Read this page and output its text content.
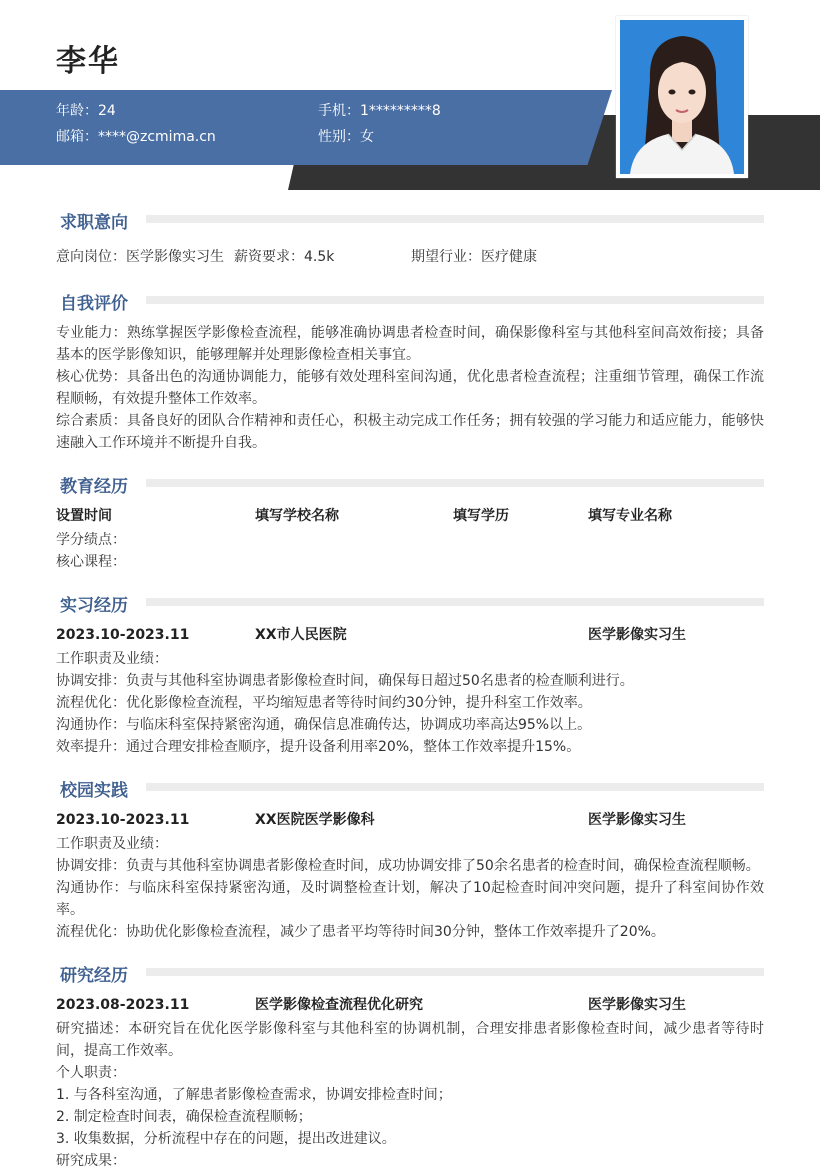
李华
年龄：24	手机：1*********8
邮箱：****@zcmima.cn	性别：女
求职意向
意向岗位：医学影像实习生 薪资要求：4.5k	期望行业：医疗健康
自我评价
专业能力：熟练掌握医学影像检查流程，能够准确协调患者检查时间，确保影像科室与其他科室间高效衔接；具备基本的医学影像知识，能够理解并处理影像检查相关事宜。
核心优势：具备出色的沟通协调能力，能够有效处理科室间沟通，优化患者检查流程；注重细节管理，确保工作流程顺畅，有效提升整体工作效率。
综合素质：具备良好的团队合作精神和责任心，积极主动完成工作任务；拥有较强的学习能力和适应能力，能够快速融入工作环境并不断提升自我。
教育经历
设置时间	填写学校名称	填写学历	填写专业名称
学分绩点：
核心课程：
实习经历
2023.10-2023.11	XX市人民医院	医学影像实习生
工作职责及业绩：
协调安排：负责与其他科室协调患者影像检查时间，确保每日超过50名患者的检查顺利进行。
流程优化：优化影像检查流程，平均缩短患者等待时间约30分钟，提升科室工作效率。
沟通协作：与临床科室保持紧密沟通，确保信息准确传达，协调成功率高达95%以上。
效率提升：通过合理安排检查顺序，提升设备利用率20%，整体工作效率提升15%。
校园实践
2023.10-2023.11	XX医院医学影像科	医学影像实习生
工作职责及业绩：
协调安排：负责与其他科室协调患者影像检查时间，成功协调安排了50余名患者的检查时间，确保检查流程顺畅。
沟通协作：与临床科室保持紧密沟通，及时调整检查计划，解决了10起检查时间冲突问题，提升了科室间协作效率。
流程优化：协助优化影像检查流程，减少了患者平均等待时间30分钟，整体工作效率提升了20%。
研究经历
2023.08-2023.11	医学影像检查流程优化研究	医学影像实习生
研究描述：本研究旨在优化医学影像科室与其他科室的协调机制，合理安排患者影像检查时间，减少患者等待时间，提高工作效率。
个人职责：
1. 与各科室沟通，了解患者影像检查需求，协调安排检查时间；
2. 制定检查时间表，确保检查流程顺畅；
3. 收集数据，分析流程中存在的问题，提出改进建议。
研究成果：
